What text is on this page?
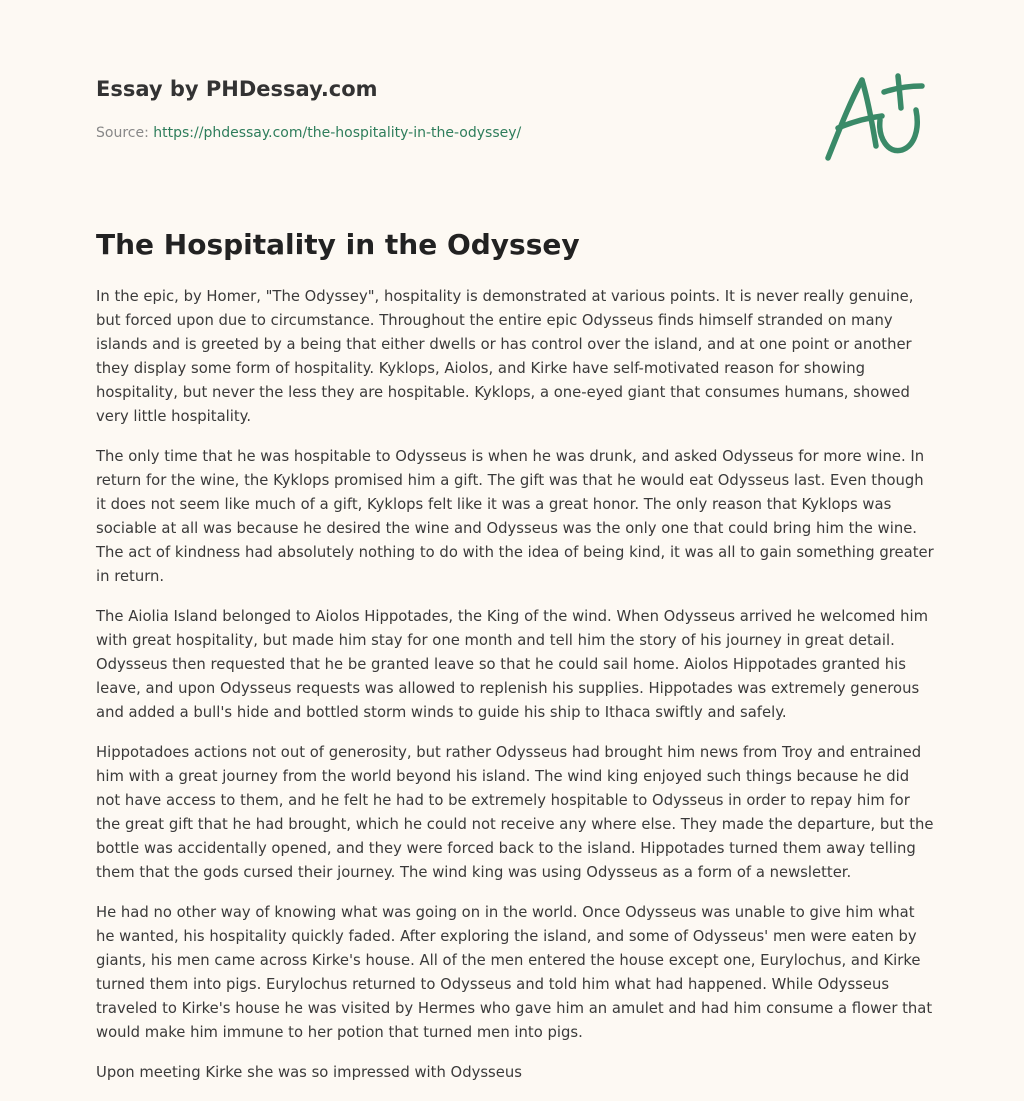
Essay by PHDessay.com
Source: https://phdessay.com/the-hospitality-in-the-odyssey/
The Hospitality in the Odyssey

In the epic, by Homer, "The Odyssey", hospitality is demonstrated at various points. It is never really genuine, but forced upon due to circumstance. Throughout the entire epic Odysseus finds himself stranded on many islands and is greeted by a being that either dwells or has control over the island, and at one point or another they display some form of hospitality. Kyklops, Aiolos, and Kirke have self-motivated reason for showing hospitality, but never the less they are hospitable. Kyklops, a one-eyed giant that consumes humans, showed very little hospitality.

The only time that he was hospitable to Odysseus is when he was drunk, and asked Odysseus for more wine. In return for the wine, the Kyklops promised him a gift. The gift was that he would eat Odysseus last. Even though it does not seem like much of a gift, Kyklops felt like it was a great honor. The only reason that Kyklops was sociable at all was because he desired the wine and Odysseus was the only one that could bring him the wine. The act of kindness had absolutely nothing to do with the idea of being kind, it was all to gain something greater in return.

The Aiolia Island belonged to Aiolos Hippotades, the King of the wind. When Odysseus arrived he welcomed him with great hospitality, but made him stay for one month and tell him the story of his journey in great detail. Odysseus then requested that he be granted leave so that he could sail home. Aiolos Hippotades granted his leave, and upon Odysseus requests was allowed to replenish his supplies. Hippotades was extremely generous and added a bull's hide and bottled storm winds to guide his ship to Ithaca swiftly and safely.

Hippotadoes actions not out of generosity, but rather Odysseus had brought him news from Troy and entrained him with a great journey from the world beyond his island. The wind king enjoyed such things because he did not have access to them, and he felt he had to be extremely hospitable to Odysseus in order to repay him for the great gift that he had brought, which he could not receive any where else. They made the departure, but the bottle was accidentally opened, and they were forced back to the island. Hippotades turned them away telling them that the gods cursed their journey. The wind king was using Odysseus as a form of a newsletter.

He had no other way of knowing what was going on in the world. Once Odysseus was unable to give him what he wanted, his hospitality quickly faded. After exploring the island, and some of Odysseus' men were eaten by giants, his men came across Kirke's house. All of the men entered the house except one, Eurylochus, and Kirke turned them into pigs. Eurylochus returned to Odysseus and told him what had happened. While Odysseus traveled to Kirke's house he was visited by Hermes who gave him an amulet and had him consume a flower that would make him immune to her potion that turned men into pigs.

Upon meeting Kirke she was so impressed with Odysseus
